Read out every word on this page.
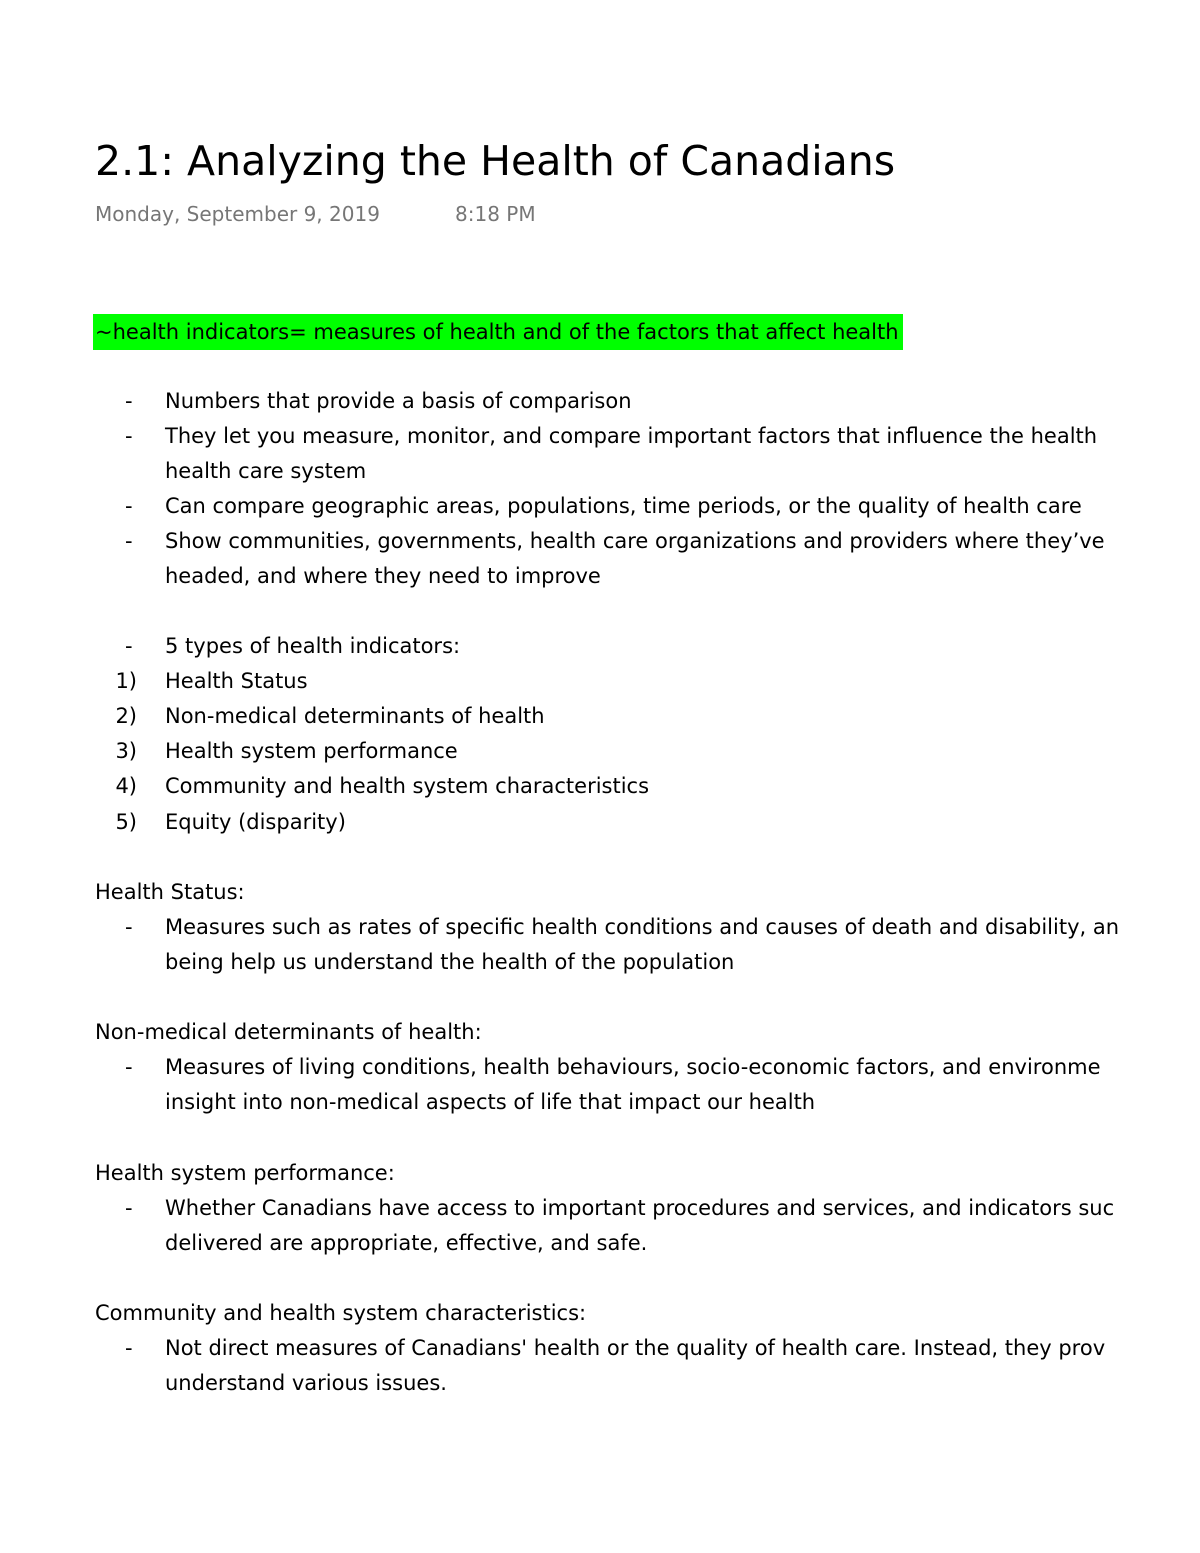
2.1: Analyzing the Health of Canadians
Monday, September 9, 2019	8:18 PM
~health indicators= measures of health and of the factors that affect health
- Numbers that provide a basis of comparison
- They let you measure, monitor, and compare important factors that influence the health
health care system
- Can compare geographic areas, populations, time periods, or the quality of health care
- Show communities, governments, health care organizations and providers where they’ve
headed, and where they need to improve
- 5 types of health indicators:
1) Health Status
2) Non-medical determinants of health
3) Health system performance
4) Community and health system characteristics
5) Equity (disparity)
Health Status:
- Measures such as rates of specific health conditions and causes of death and disability, an
being help us understand the health of the population
Non-medical determinants of health:
- Measures of living conditions, health behaviours, socio-economic factors, and environme
insight into non-medical aspects of life that impact our health
Health system performance:
- Whether Canadians have access to important procedures and services, and indicators suc
delivered are appropriate, effective, and safe.
Community and health system characteristics:
- Not direct measures of Canadians' health or the quality of health care. Instead, they prov
understand various issues.
